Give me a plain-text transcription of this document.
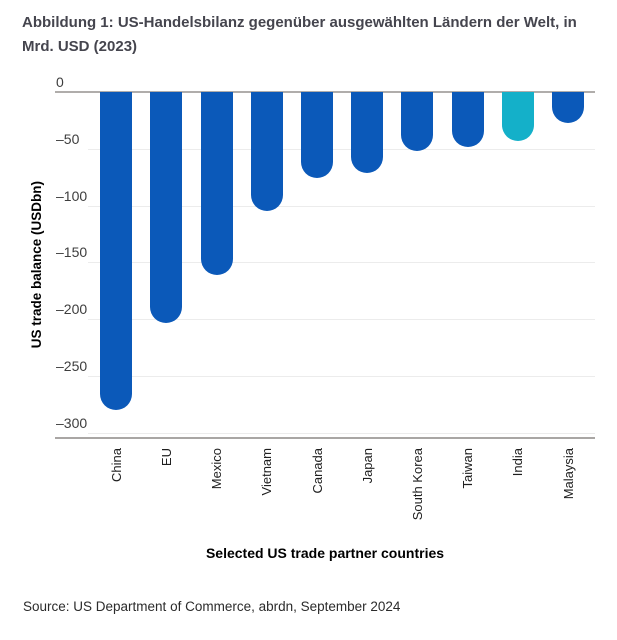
Abbildung 1: US-Handelsbilanz gegenüber ausgewählten Ländern der Welt, in
Mrd. USD (2023)
US trade balance (USDbn)
0
–50
–100
–150
–200
–250
–300
China	EU	Mexico	Vietnam	Canada	Japan	South Korea	Taiwan	India	Malaysia
Selected US trade partner countries
Source: US Department of Commerce, abrdn, September 2024
